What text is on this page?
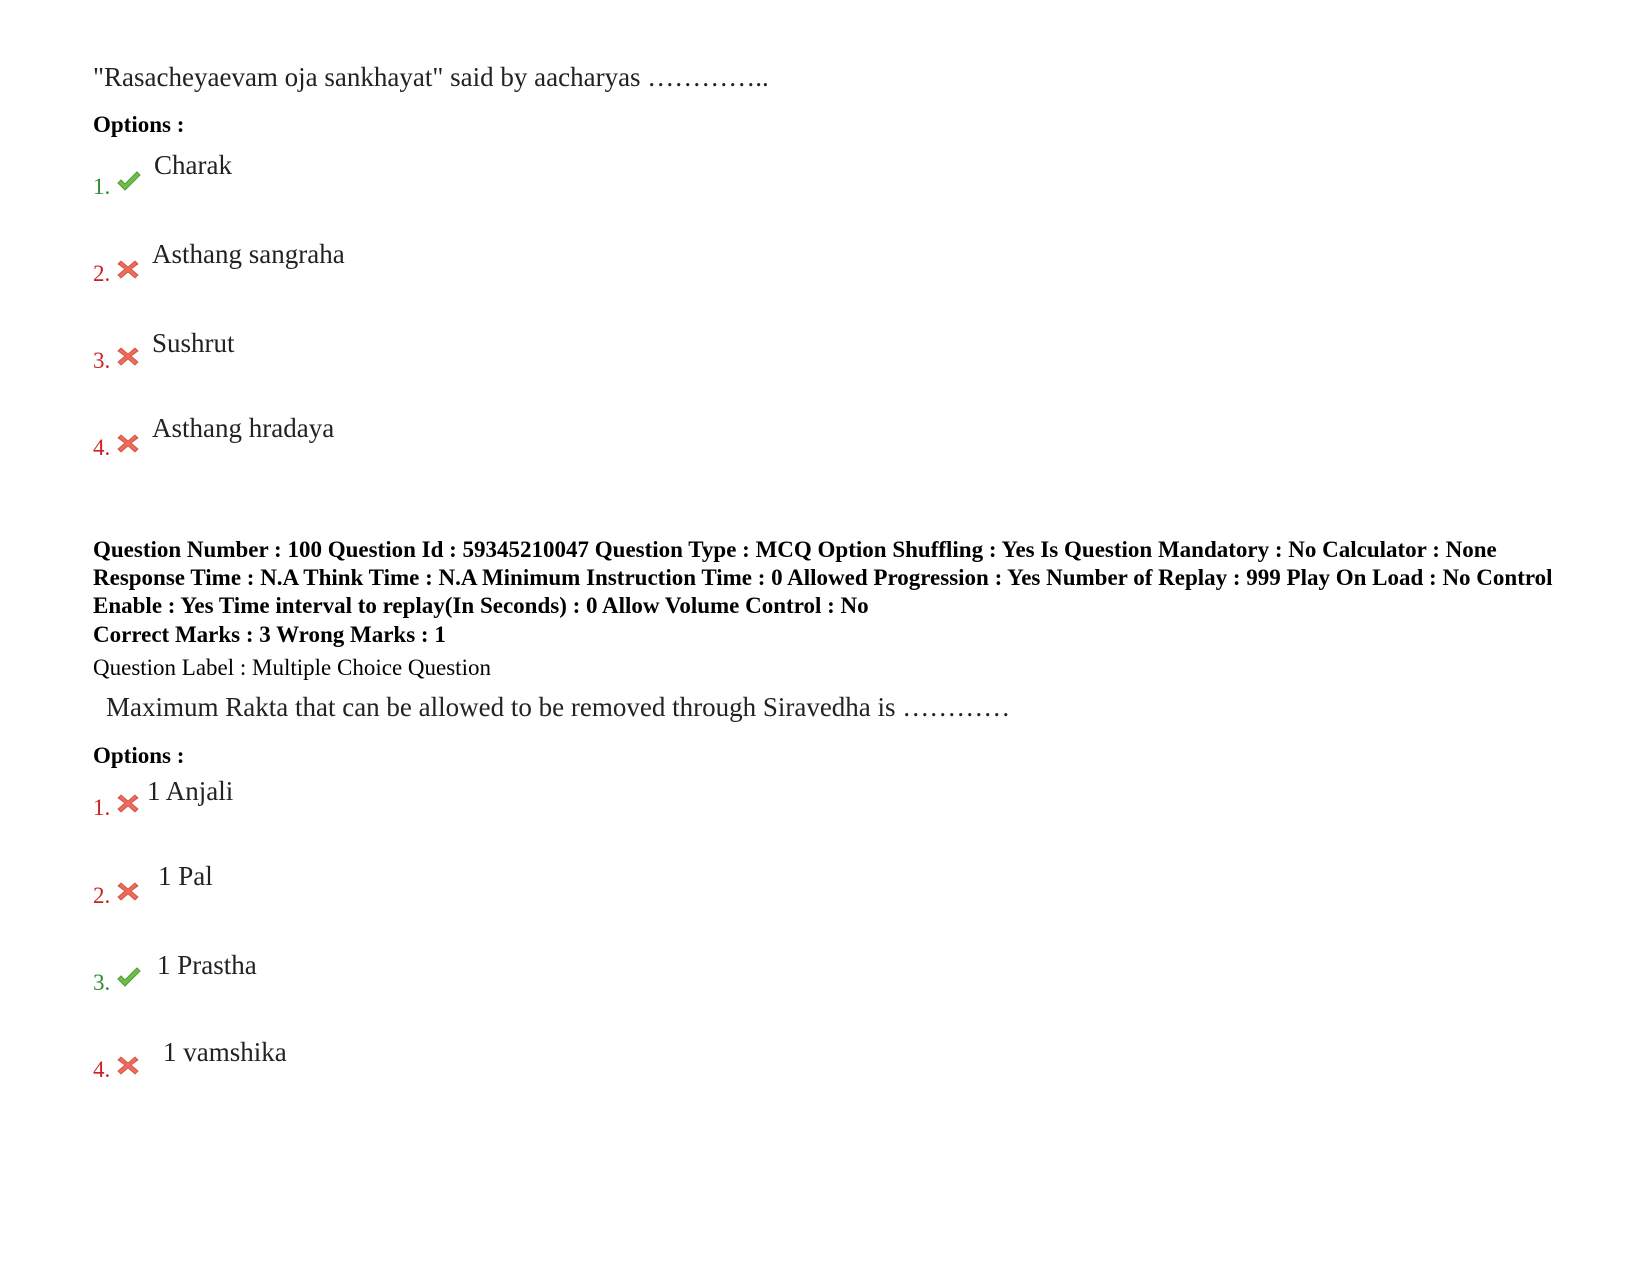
"Rasacheyaevam oja sankhayat" said by aacharyas …………..
Options :
1.
Charak
2.
Asthang sangraha
3.
Sushrut
4.
Asthang hradaya
Question Number : 100 Question Id : 59345210047 Question Type : MCQ Option Shuffling : Yes Is Question Mandatory : No Calculator : None Response Time : N.A Think Time : N.A Minimum Instruction Time : 0 Allowed Progression : Yes Number of Replay : 999 Play On Load : No Control Enable : Yes Time interval to replay(In Seconds) : 0 Allow Volume Control : No
Correct Marks : 3 Wrong Marks : 1
Question Label : Multiple Choice Question
Maximum Rakta that can be allowed to be removed through Siravedha is …………
Options :
1.
1 Anjali
2.
1 Pal
3.
1 Prastha
4.
1 vamshika
